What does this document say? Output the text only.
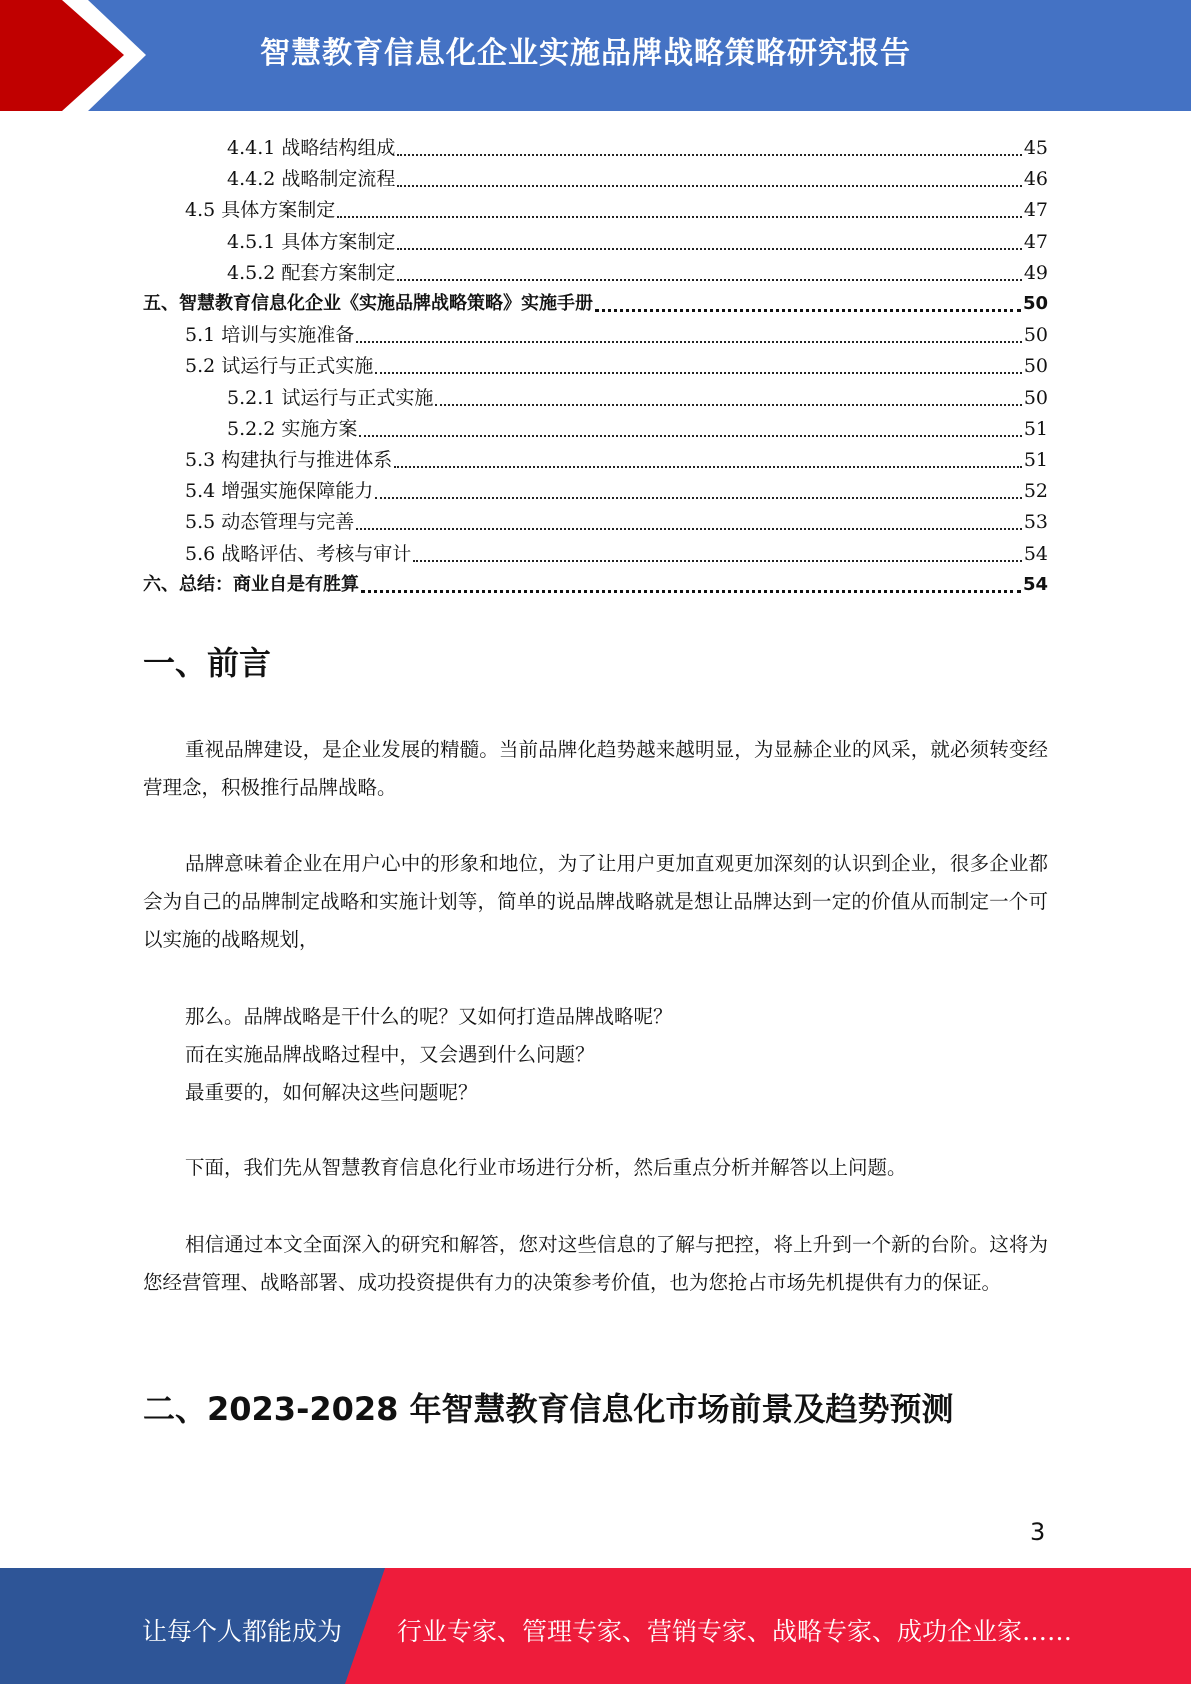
智慧教育信息化企业实施品牌战略策略研究报告
4.4.1 战略结构组成	45
4.4.2 战略制定流程	46
4.5 具体方案制定	47
4.5.1 具体方案制定	47
4.5.2 配套方案制定	49
五、智慧教育信息化企业《实施品牌战略策略》实施手册	50
5.1 培训与实施准备	50
5.2 试运行与正式实施	50
5.2.1 试运行与正式实施	50
5.2.2 实施方案	51
5.3 构建执行与推进体系	51
5.4 增强实施保障能力	52
5.5 动态管理与完善	53
5.6 战略评估、考核与审计	54
六、总结：商业自是有胜算	54
一、前言
重视品牌建设，是企业发展的精髓。当前品牌化趋势越来越明显，为显赫企业的风采，就必须转变经营理念，积极推行品牌战略。
品牌意味着企业在用户心中的形象和地位，为了让用户更加直观更加深刻的认识到企业，很多企业都会为自己的品牌制定战略和实施计划等，简单的说品牌战略就是想让品牌达到一定的价值从而制定一个可以实施的战略规划，
那么。品牌战略是干什么的呢？又如何打造品牌战略呢？
而在实施品牌战略过程中，又会遇到什么问题？
最重要的，如何解决这些问题呢？
下面，我们先从智慧教育信息化行业市场进行分析，然后重点分析并解答以上问题。
相信通过本文全面深入的研究和解答，您对这些信息的了解与把控，将上升到一个新的台阶。这将为您经营管理、战略部署、成功投资提供有力的决策参考价值，也为您抢占市场先机提供有力的保证。
二、2023-2028 年智慧教育信息化市场前景及趋势预测
3
让每个人都能成为 行业专家、管理专家、营销专家、战略专家、成功企业家……
